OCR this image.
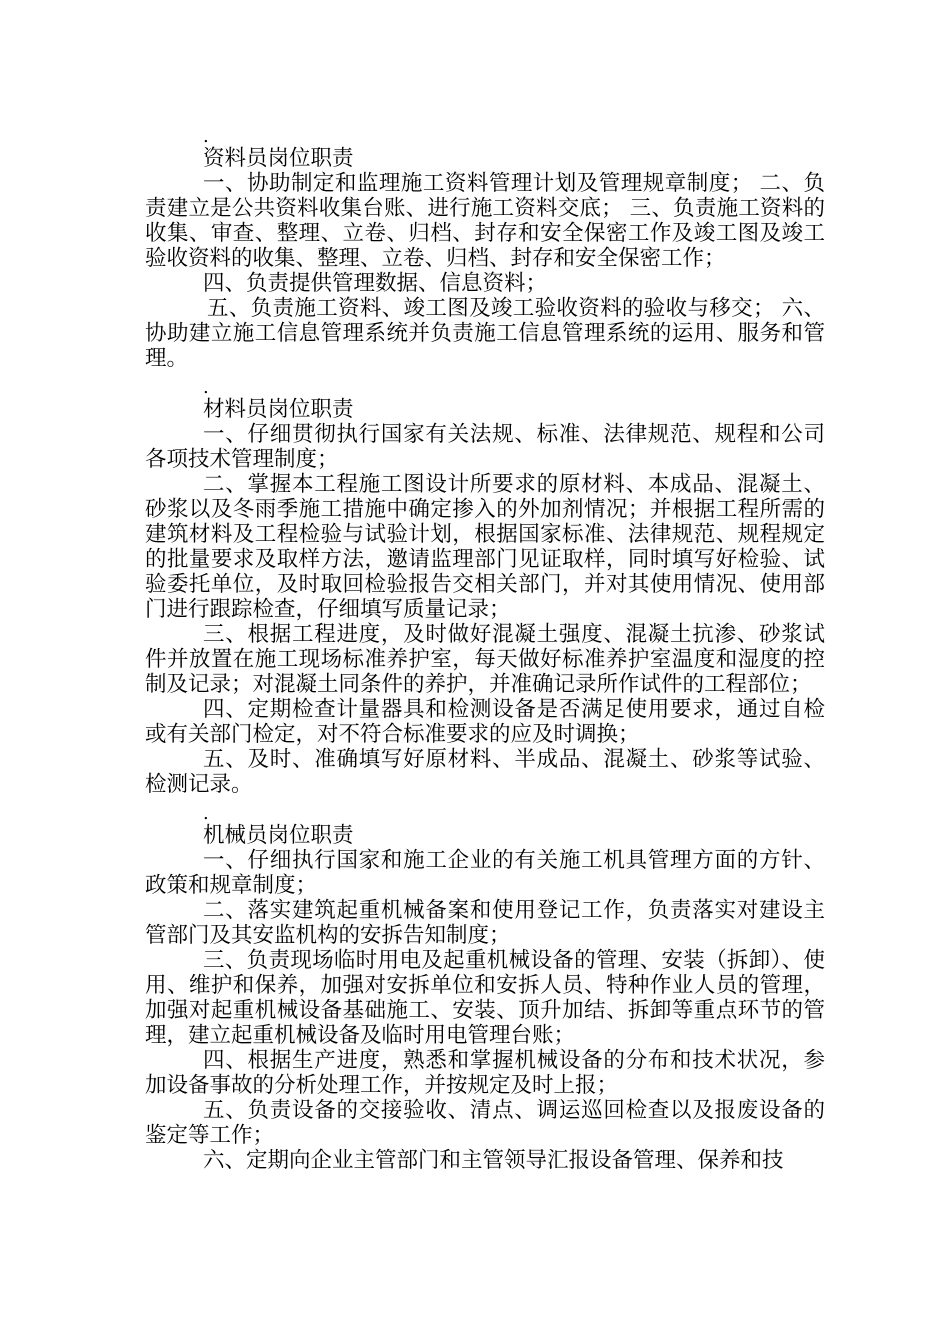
.
资料员岗位职责

一、协助制定和监理施工资料管理计划及管理规章制度； 二、负责建立是公共资料收集台账、进行施工资料交底； 三、负责施工资料的收集、审查、整理、立卷、归档、封存和安全保密工作及竣工图及竣工验收资料的收集、整理、立卷、归档、封存和安全保密工作；

四、负责提供管理数据、信息资料；

五、负责施工资料、竣工图及竣工验收资料的验收与移交； 六、协助建立施工信息管理系统并负责施工信息管理系统的运用、服务和管理。

.
材料员岗位职责

一、仔细贯彻执行国家有关法规、标准、法律规范、规程和公司各项技术管理制度；

二、掌握本工程施工图设计所要求的原材料、本成品、混凝土、砂浆以及冬雨季施工措施中确定掺入的外加剂情况；并根据工程所需的建筑材料及工程检验与试验计划，根据国家标准、法律规范、规程规定的批量要求及取样方法，邀请监理部门见证取样，同时填写好检验、试验委托单位，及时取回检验报告交相关部门，并对其使用情况、使用部门进行跟踪检查，仔细填写质量记录；

三、根据工程进度，及时做好混凝土强度、混凝土抗渗、砂浆试件并放置在施工现场标准养护室，每天做好标准养护室温度和湿度的控制及记录；对混凝土同条件的养护，并准确记录所作试件的工程部位；

四、定期检查计量器具和检测设备是否满足使用要求，通过自检或有关部门检定，对不符合标准要求的应及时调换；

五、及时、准确填写好原材料、半成品、混凝土、砂浆等试验、检测记录。

.
机械员岗位职责

一、仔细执行国家和施工企业的有关施工机具管理方面的方针、政策和规章制度；

二、落实建筑起重机械备案和使用登记工作，负责落实对建设主管部门及其安监机构的安拆告知制度；

三、负责现场临时用电及起重机械设备的管理、安装（拆卸）、使用、维护和保养，加强对安拆单位和安拆人员、特种作业人员的管理，加强对起重机械设备基础施工、安装、顶升加结、拆卸等重点环节的管理，建立起重机械设备及临时用电管理台账；

四、根据生产进度，熟悉和掌握机械设备的分布和技术状况，参加设备事故的分析处理工作，并按规定及时上报；

五、负责设备的交接验收、清点、调运巡回检查以及报废设备的鉴定等工作；

六、定期向企业主管部门和主管领导汇报设备管理、保养和技
